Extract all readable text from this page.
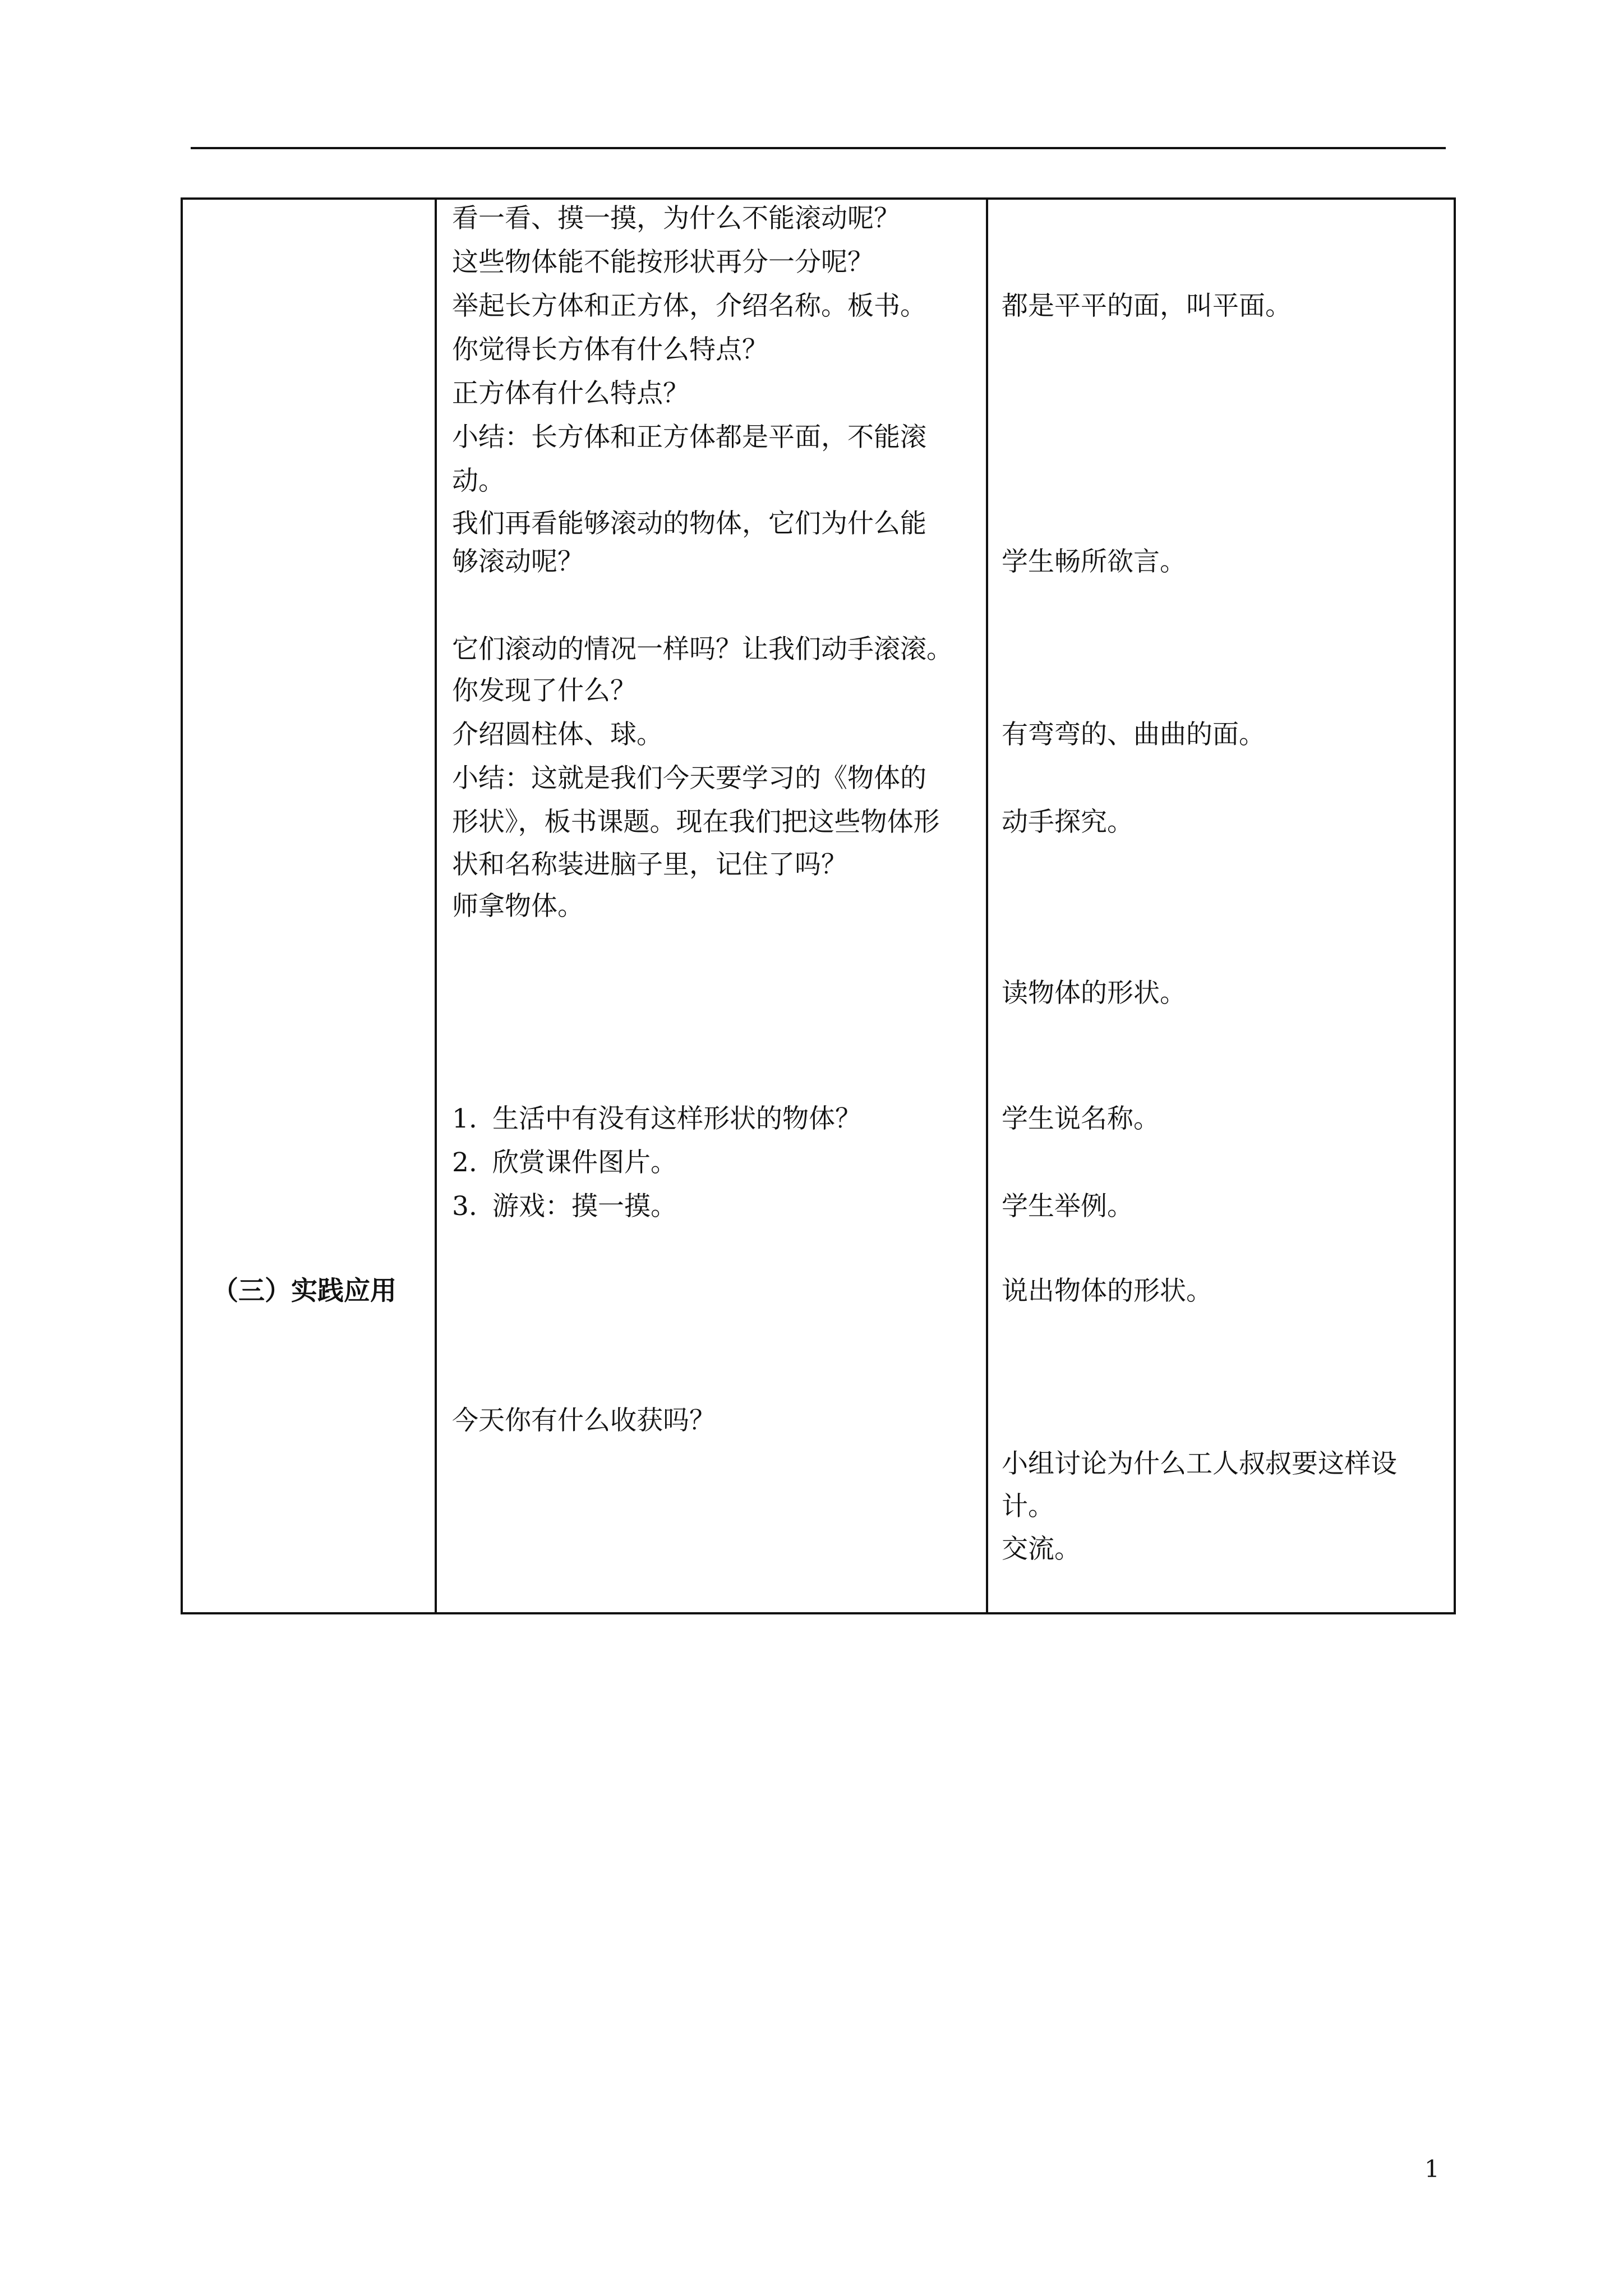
（三）实践应用
看一看、摸一摸，为什么不能滚动呢？
这些物体能不能按形状再分一分呢？
举起长方体和正方体，介绍名称。板书。
你觉得长方体有什么特点？
正方体有什么特点？
小结：长方体和正方体都是平面，不能滚
动。
我们再看能够滚动的物体，它们为什么能
够滚动呢？
它们滚动的情况一样吗？让我们动手滚滚。
你发现了什么？
介绍圆柱体、球。
小结：这就是我们今天要学习的《物体的
形状》，板书课题。现在我们把这些物体形
状和名称装进脑子里，记住了吗？
师拿物体。
1. 生活中有没有这样形状的物体？
2. 欣赏课件图片。
3. 游戏：摸一摸。
今天你有什么收获吗？
都是平平的面，叫平面。
学生畅所欲言。
有弯弯的、曲曲的面。
动手探究。
读物体的形状。
学生说名称。
学生举例。
说出物体的形状。
小组讨论为什么工人叔叔要这样设
计。
交流。
1
